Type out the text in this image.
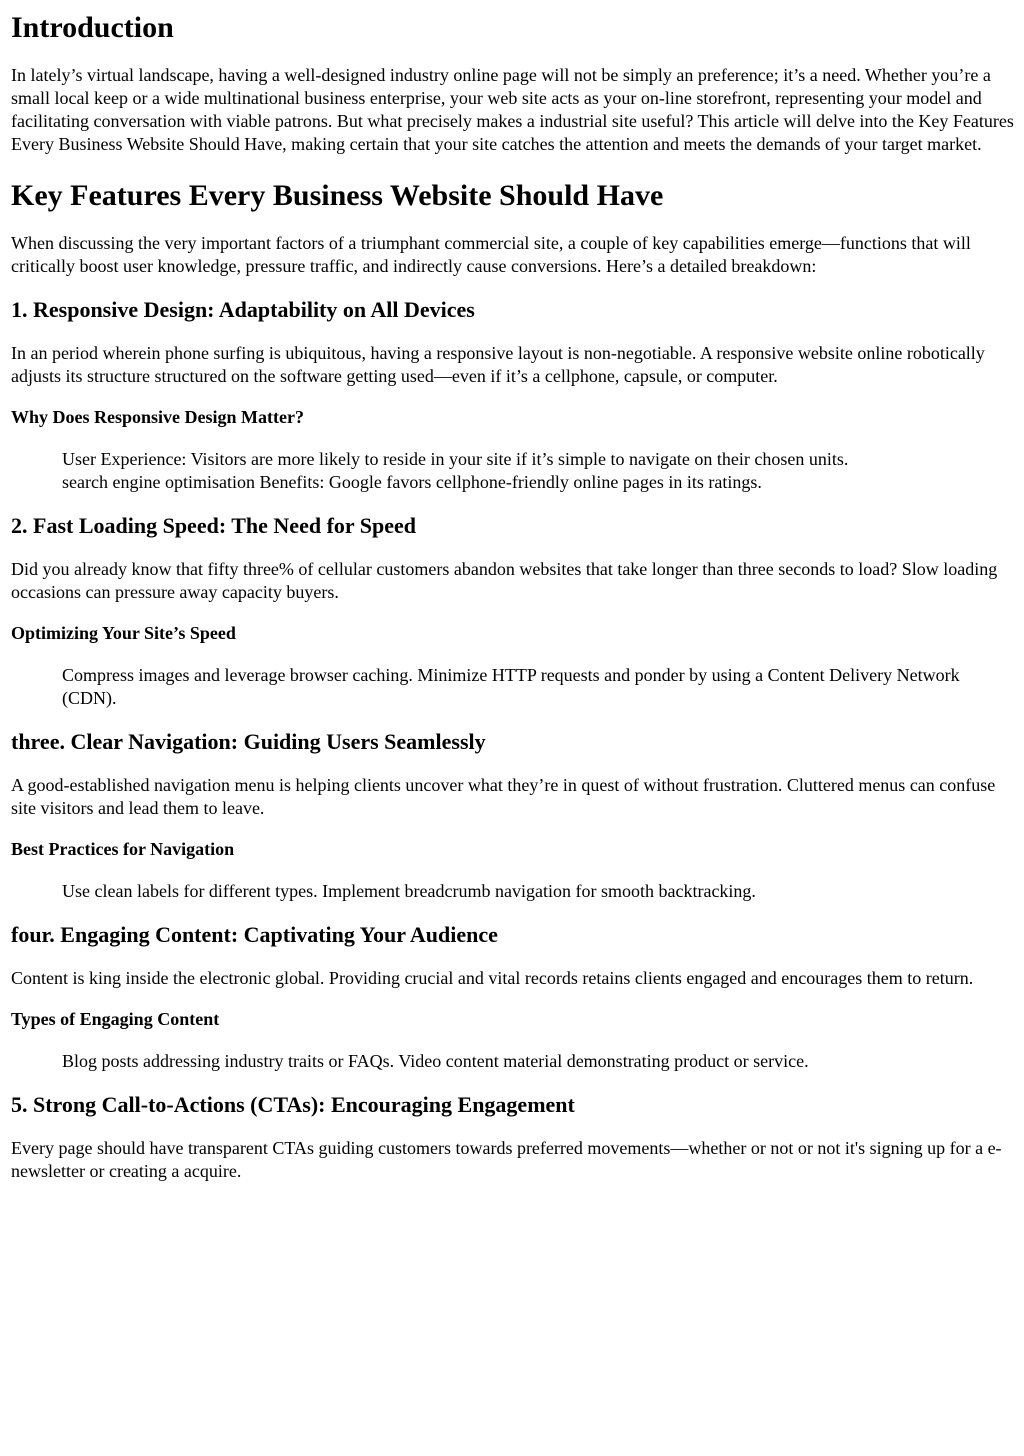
Introduction

In lately’s virtual landscape, having a well-designed industry online page will not be simply an preference; it’s a need. Whether you’re a small local keep or a wide multinational business enterprise, your web site acts as your on-line storefront, representing your model and facilitating conversation with viable patrons. But what precisely makes a industrial site useful? This article will delve into the Key Features Every Business Website Should Have, making certain that your site catches the attention and meets the demands of your target market.

Key Features Every Business Website Should Have

When discussing the very important factors of a triumphant commercial site, a couple of key capabilities emerge—functions that will critically boost user knowledge, pressure traffic, and indirectly cause conversions. Here’s a detailed breakdown:

1. Responsive Design: Adaptability on All Devices

In an period wherein phone surfing is ubiquitous, having a responsive layout is non-negotiable. A responsive website online robotically adjusts its structure structured on the software getting used—even if it’s a cellphone, capsule, or computer.

Why Does Responsive Design Matter?
User Experience: Visitors are more likely to reside in your site if it’s simple to navigate on their chosen units.
search engine optimisation Benefits: Google favors cellphone-friendly online pages in its ratings.
2. Fast Loading Speed: The Need for Speed

Did you already know that fifty three% of cellular customers abandon websites that take longer than three seconds to load? Slow loading occasions can pressure away capacity buyers.

Optimizing Your Site’s Speed
Compress images and leverage browser caching. Minimize HTTP requests and ponder by using a Content Delivery Network (CDN).
three. Clear Navigation: Guiding Users Seamlessly

A good-established navigation menu is helping clients uncover what they’re in quest of without frustration. Cluttered menus can confuse site visitors and lead them to leave.

Best Practices for Navigation
Use clean labels for different types. Implement breadcrumb navigation for smooth backtracking.
four. Engaging Content: Captivating Your Audience

Content is king inside the electronic global. Providing crucial and vital records retains clients engaged and encourages them to return.

Types of Engaging Content
Blog posts addressing industry traits or FAQs. Video content material demonstrating product or service.
5. Strong Call-to-Actions (CTAs): Encouraging Engagement

Every page should have transparent CTAs guiding customers towards preferred movements—whether or not or not it's signing up for a e-newsletter or creating a acquire.
